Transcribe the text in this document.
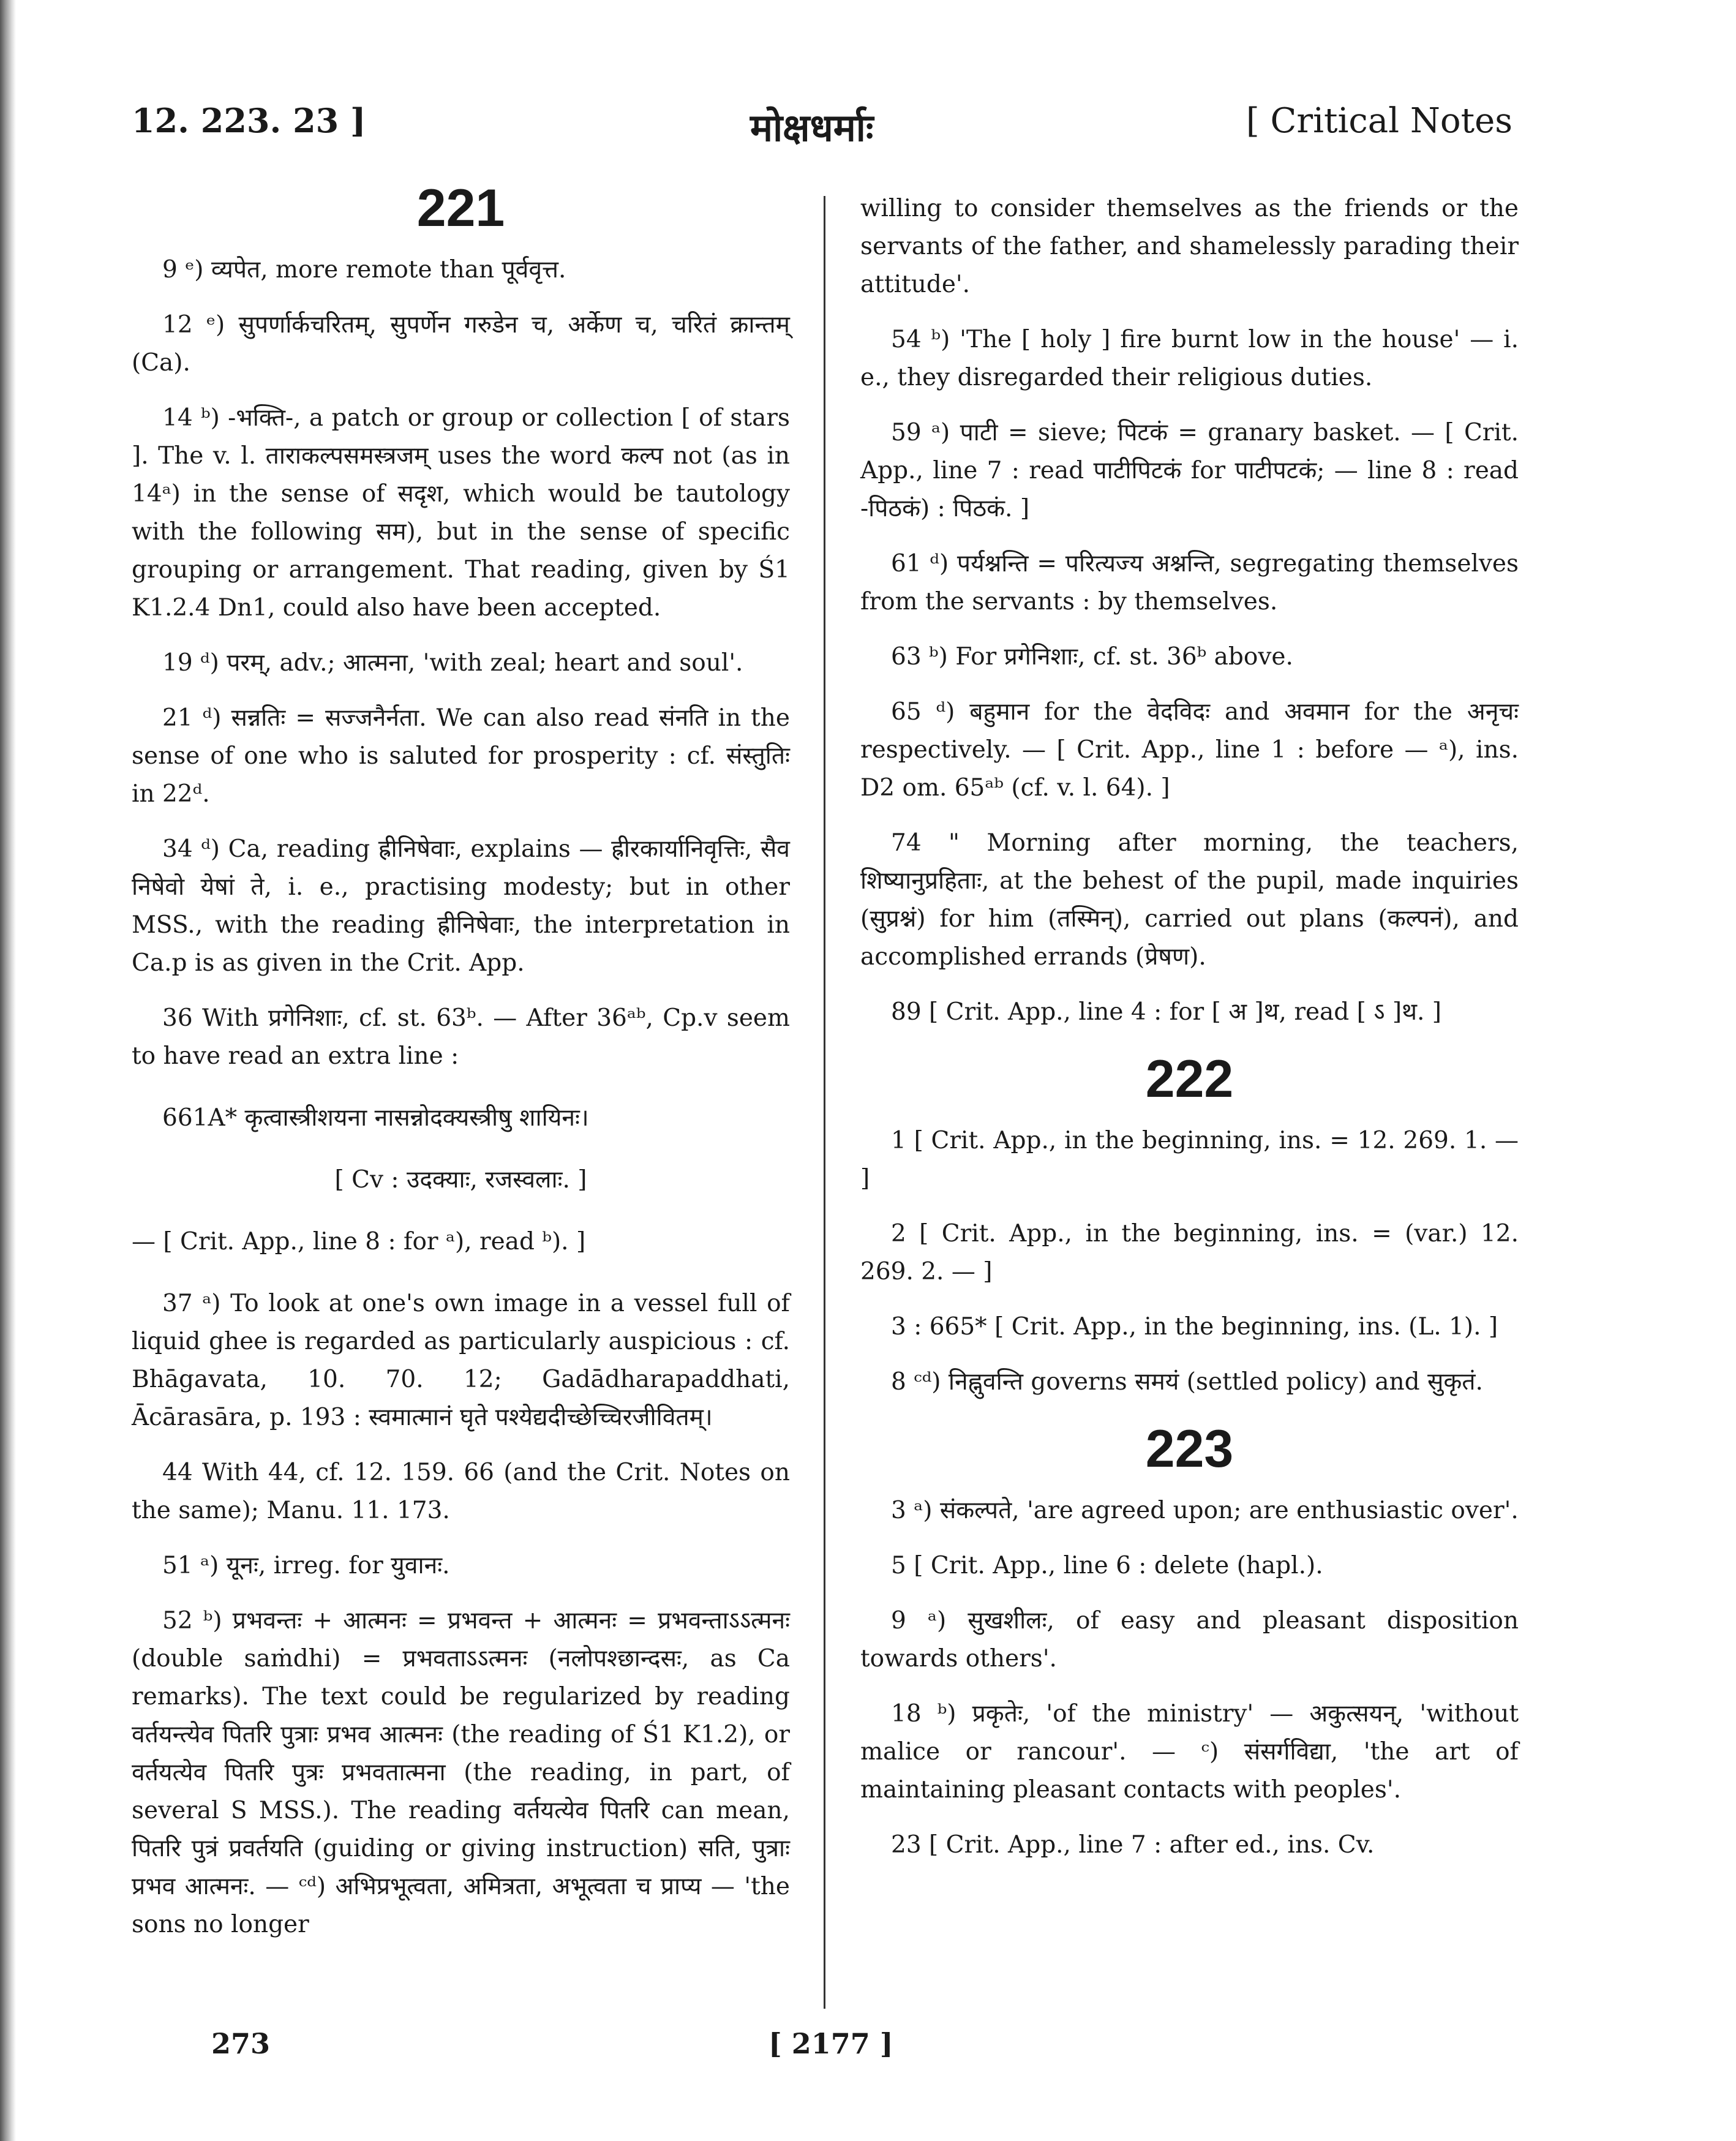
12. 223. 23 ]	मोक्षधर्माः	[ Critical Notes
221
9 ᵉ) व्यपेत, more remote than पूर्ववृत्त.
12 ᵉ) सुपर्णार्कचरितम्, सुपर्णेन गरुडेन च, अर्केण च, चरितं क्रान्तम् (Ca).
14 ᵇ) -भक्ति-, a patch or group or collection [ of stars ]. The v. l. ताराकल्पसमस्त्रजम् uses the word कल्प not (as in 14ᵃ) in the sense of सदृश, which would be tautology with the following सम), but in the sense of specific grouping or arrangement. That reading, given by Ś1 K1.2.4 Dn1, could also have been accepted.
19 ᵈ) परम्, adv.; आत्मना, 'with zeal; heart and soul'.
21 ᵈ) सन्नतिः = सज्जनैर्नता. We can also read संनति in the sense of one who is saluted for prosperity : cf. संस्तुतिः in 22ᵈ.
34 ᵈ) Ca, reading ह्रीनिषेवाः, explains — ह्रीरकार्यानिवृत्तिः, सैव निषेवो येषां ते, i. e., practising modesty; but in other MSS., with the reading ह्रीनिषेवाः, the interpretation in Ca.p is as given in the Crit. App.
36 With प्रगेनिशाः, cf. st. 63ᵇ. — After 36ᵃᵇ, Cp.v seem to have read an extra line :

661A* कृत्वास्त्रीशयना नासन्नोदक्यस्त्रीषु शायिनः।

[ Cv : उदक्याः, रजस्वलाः. ]

— [ Crit. App., line 8 : for ᵃ), read ᵇ). ]

37 ᵃ) To look at one's own image in a vessel full of liquid ghee is regarded as particularly auspicious : cf. Bhāgavata, 10. 70. 12; Gadādharapaddhati, Ācārasāra, p. 193 : स्वमात्मानं घृते पश्येद्यदीच्छेच्चिरजीवितम्।
44 With 44, cf. 12. 159. 66 (and the Crit. Notes on the same); Manu. 11. 173.
51 ᵃ) यूनः, irreg. for युवानः.
52 ᵇ) प्रभवन्तः + आत्मनः = प्रभवन्त + आत्मनः = प्रभवन्ताऽऽत्मनः (double saṁdhi) = प्रभवताऽऽत्मनः (नलोपश्छान्दसः, as Ca remarks). The text could be regularized by reading वर्तयन्त्येव पितरि पुत्राः प्रभव आत्मनः (the reading of Ś1 K1.2), or वर्तयत्येव पितरि पुत्रः प्रभवतात्मना (the reading, in part, of several S MSS.). The reading वर्तयत्येव पितरि can mean, पितरि पुत्रं प्रवर्तयति (guiding or giving instruction) सति, पुत्राः प्रभव आत्मनः. — ᶜᵈ) अभिप्रभूत्वता, अमित्रता, अभूत्वता च प्राप्य — 'the sons no longer
willing to consider themselves as the friends or the servants of the father, and shamelessly parading their attitude'.
54 ᵇ) 'The [ holy ] fire burnt low in the house' — i. e., they disregarded their religious duties.
59 ᵃ) पाटी = sieve; पिटकं = granary basket. — [ Crit. App., line 7 : read पाटीपिटकं for पाटीपटकं; — line 8 : read -पिठकं) : पिठकं. ]
61 ᵈ) पर्यश्नन्ति = परित्यज्य अश्नन्ति, segregating themselves from the servants : by themselves.
63 ᵇ) For प्रगेनिशाः, cf. st. 36ᵇ above.
65 ᵈ) बहुमान for the वेदविदः and अवमान for the अनृचः respectively. — [ Crit. App., line 1 : before — ᵃ), ins. D2 om. 65ᵃᵇ (cf. v. l. 64). ]
74 " Morning after morning, the teachers, शिष्यानुप्रहिताः, at the behest of the pupil, made inquiries (सुप्रश्नं) for him (तस्मिन्), carried out plans (कल्पनं), and accomplished errands (प्रेषण).
89 [ Crit. App., line 4 : for [ अ ]थ, read [ ऽ ]थ. ]
222
1 [ Crit. App., in the beginning, ins. = 12. 269. 1. — ]
2 [ Crit. App., in the beginning, ins. = (var.) 12. 269. 2. — ]
3 : 665* [ Crit. App., in the beginning, ins. (L. 1). ]
8 ᶜᵈ) निह्नुवन्ति governs समयं (settled policy) and सुकृतं.
223
3 ᵃ) संकल्पते, 'are agreed upon; are enthusiastic over'.
5 [ Crit. App., line 6 : delete (hapl.).
9 ᵃ) सुखशीलः, of easy and pleasant disposition towards others'.
18 ᵇ) प्रकृतेः, 'of the ministry' — अकुत्सयन्, 'without malice or rancour'. — ᶜ) संसर्गविद्या, 'the art of maintaining pleasant contacts with peoples'.
23 [ Crit. App., line 7 : after ed., ins. Cv.
273	[ 2177 ]
